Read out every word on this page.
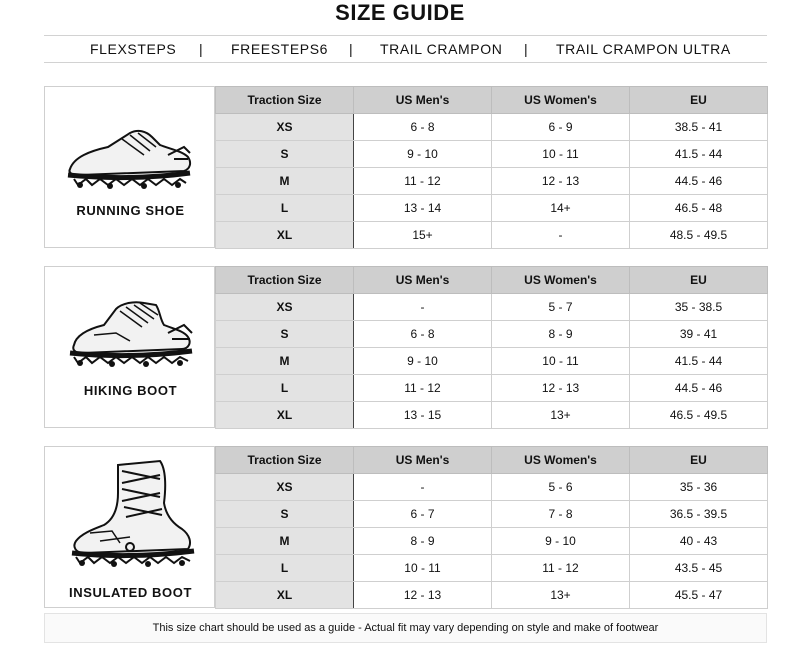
SIZE GUIDE
FLEXSTEPS | FREESTEPS6 | TRAIL CRAMPON | TRAIL CRAMPON ULTRA
RUNNING SHOE
Traction Size	US Men's	US Women's	EU
XS	6 - 8	6 - 9	38.5 - 41
S	9 - 10	10 - 11	41.5 - 44
M	11 - 12	12 - 13	44.5 - 46
L	13 - 14	14+	46.5 - 48
XL	15+	-	48.5 - 49.5
HIKING BOOT
Traction Size	US Men's	US Women's	EU
XS	-	5 - 7	35 - 38.5
S	6 - 8	8 - 9	39 - 41
M	9 - 10	10 - 11	41.5 - 44
L	11 - 12	12 - 13	44.5 - 46
XL	13 - 15	13+	46.5 - 49.5
INSULATED BOOT
Traction Size	US Men's	US Women's	EU
XS	-	5 - 6	35 - 36
S	6 - 7	7 - 8	36.5 - 39.5
M	8 - 9	9 - 10	40 - 43
L	10 - 11	11 - 12	43.5 - 45
XL	12 - 13	13+	45.5 - 47
This size chart should be used as a guide - Actual fit may vary depending on style and make of footwear
